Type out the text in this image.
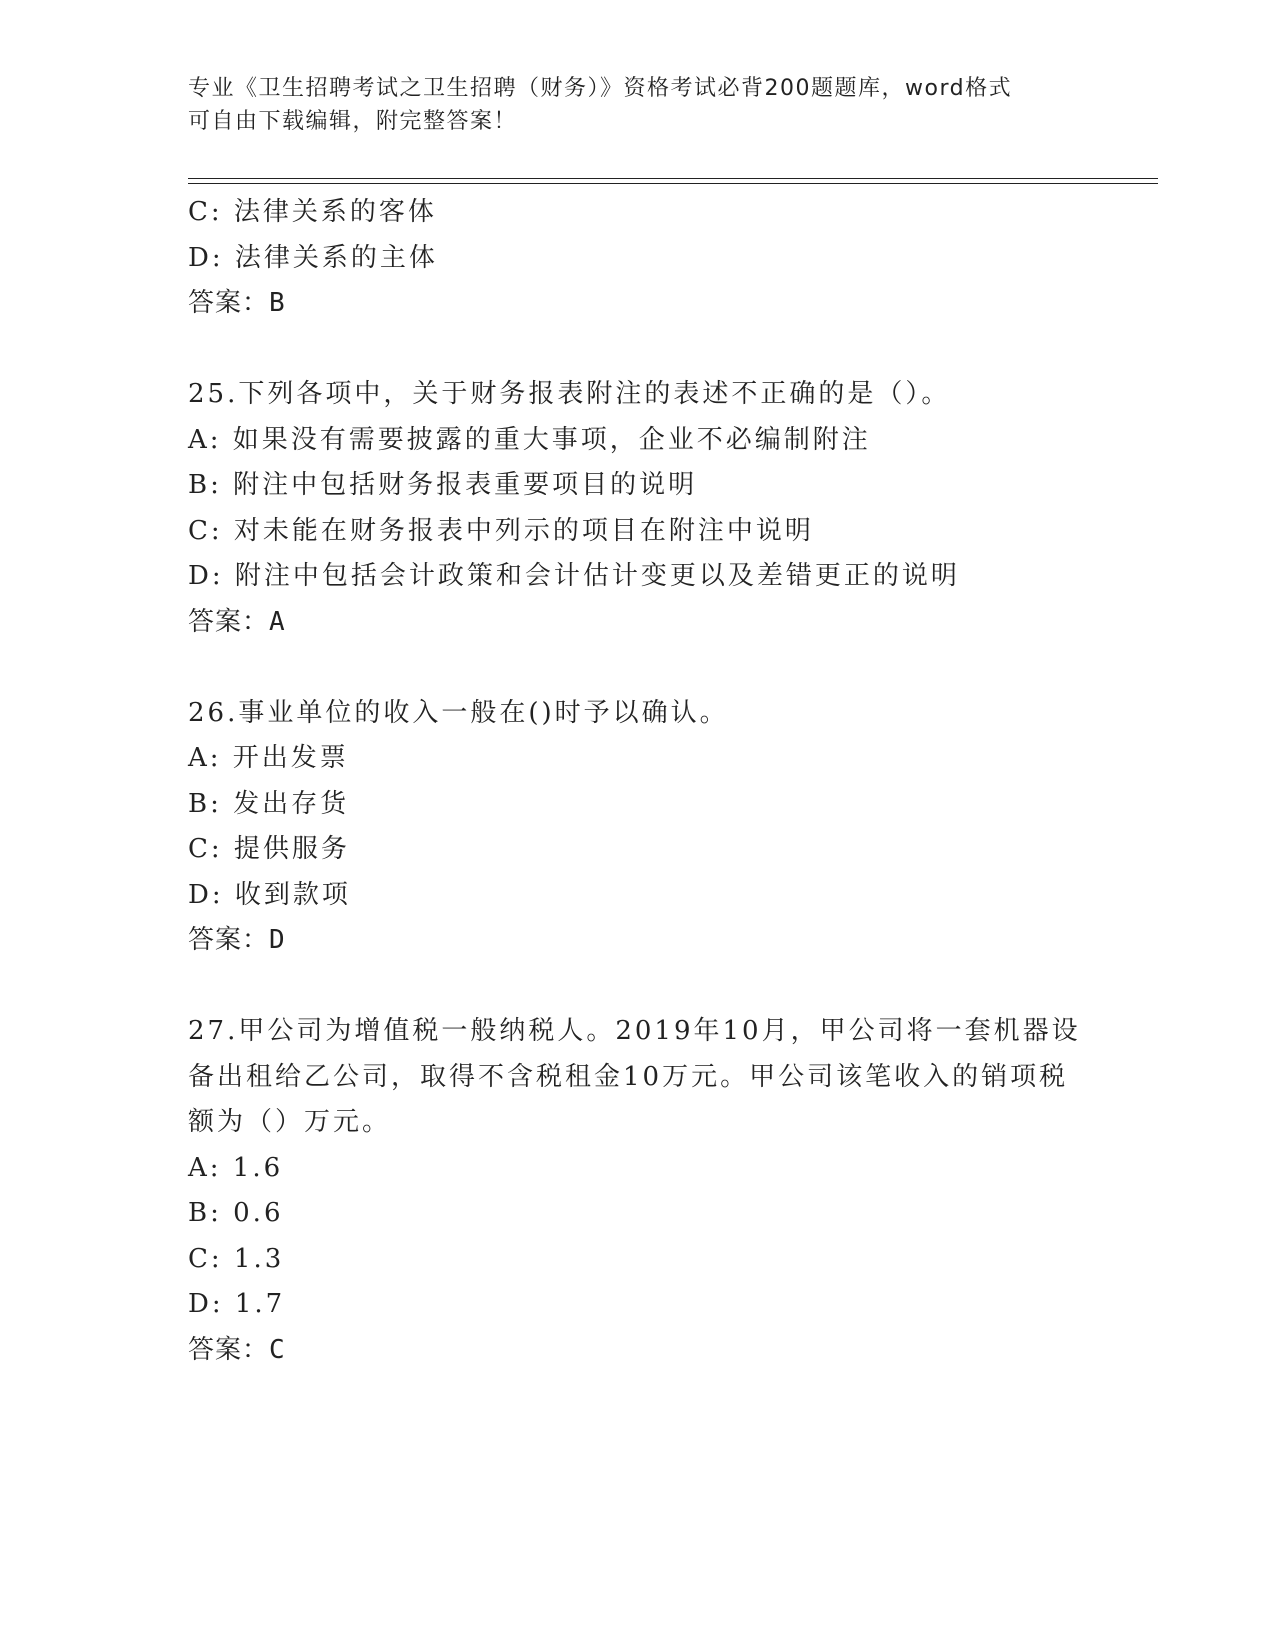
专业《卫生招聘考试之卫生招聘（财务）》资格考试必背200题题库，word格式
可自由下载编辑，附完整答案！
C: 法律关系的客体
D: 法律关系的主体
答案：B
25.下列各项中，关于财务报表附注的表述不正确的是（）。
A: 如果没有需要披露的重大事项，企业不必编制附注
B: 附注中包括财务报表重要项目的说明
C: 对未能在财务报表中列示的项目在附注中说明
D: 附注中包括会计政策和会计估计变更以及差错更正的说明
答案：A
26.事业单位的收入一般在()时予以确认。
A: 开出发票
B: 发出存货
C: 提供服务
D: 收到款项
答案：D
27.甲公司为增值税一般纳税人。2019年10月，甲公司将一套机器设
备出租给乙公司，取得不含税租金10万元。甲公司该笔收入的销项税
额为（）万元。
A: 1.6
B: 0.6
C: 1.3
D: 1.7
答案：C
